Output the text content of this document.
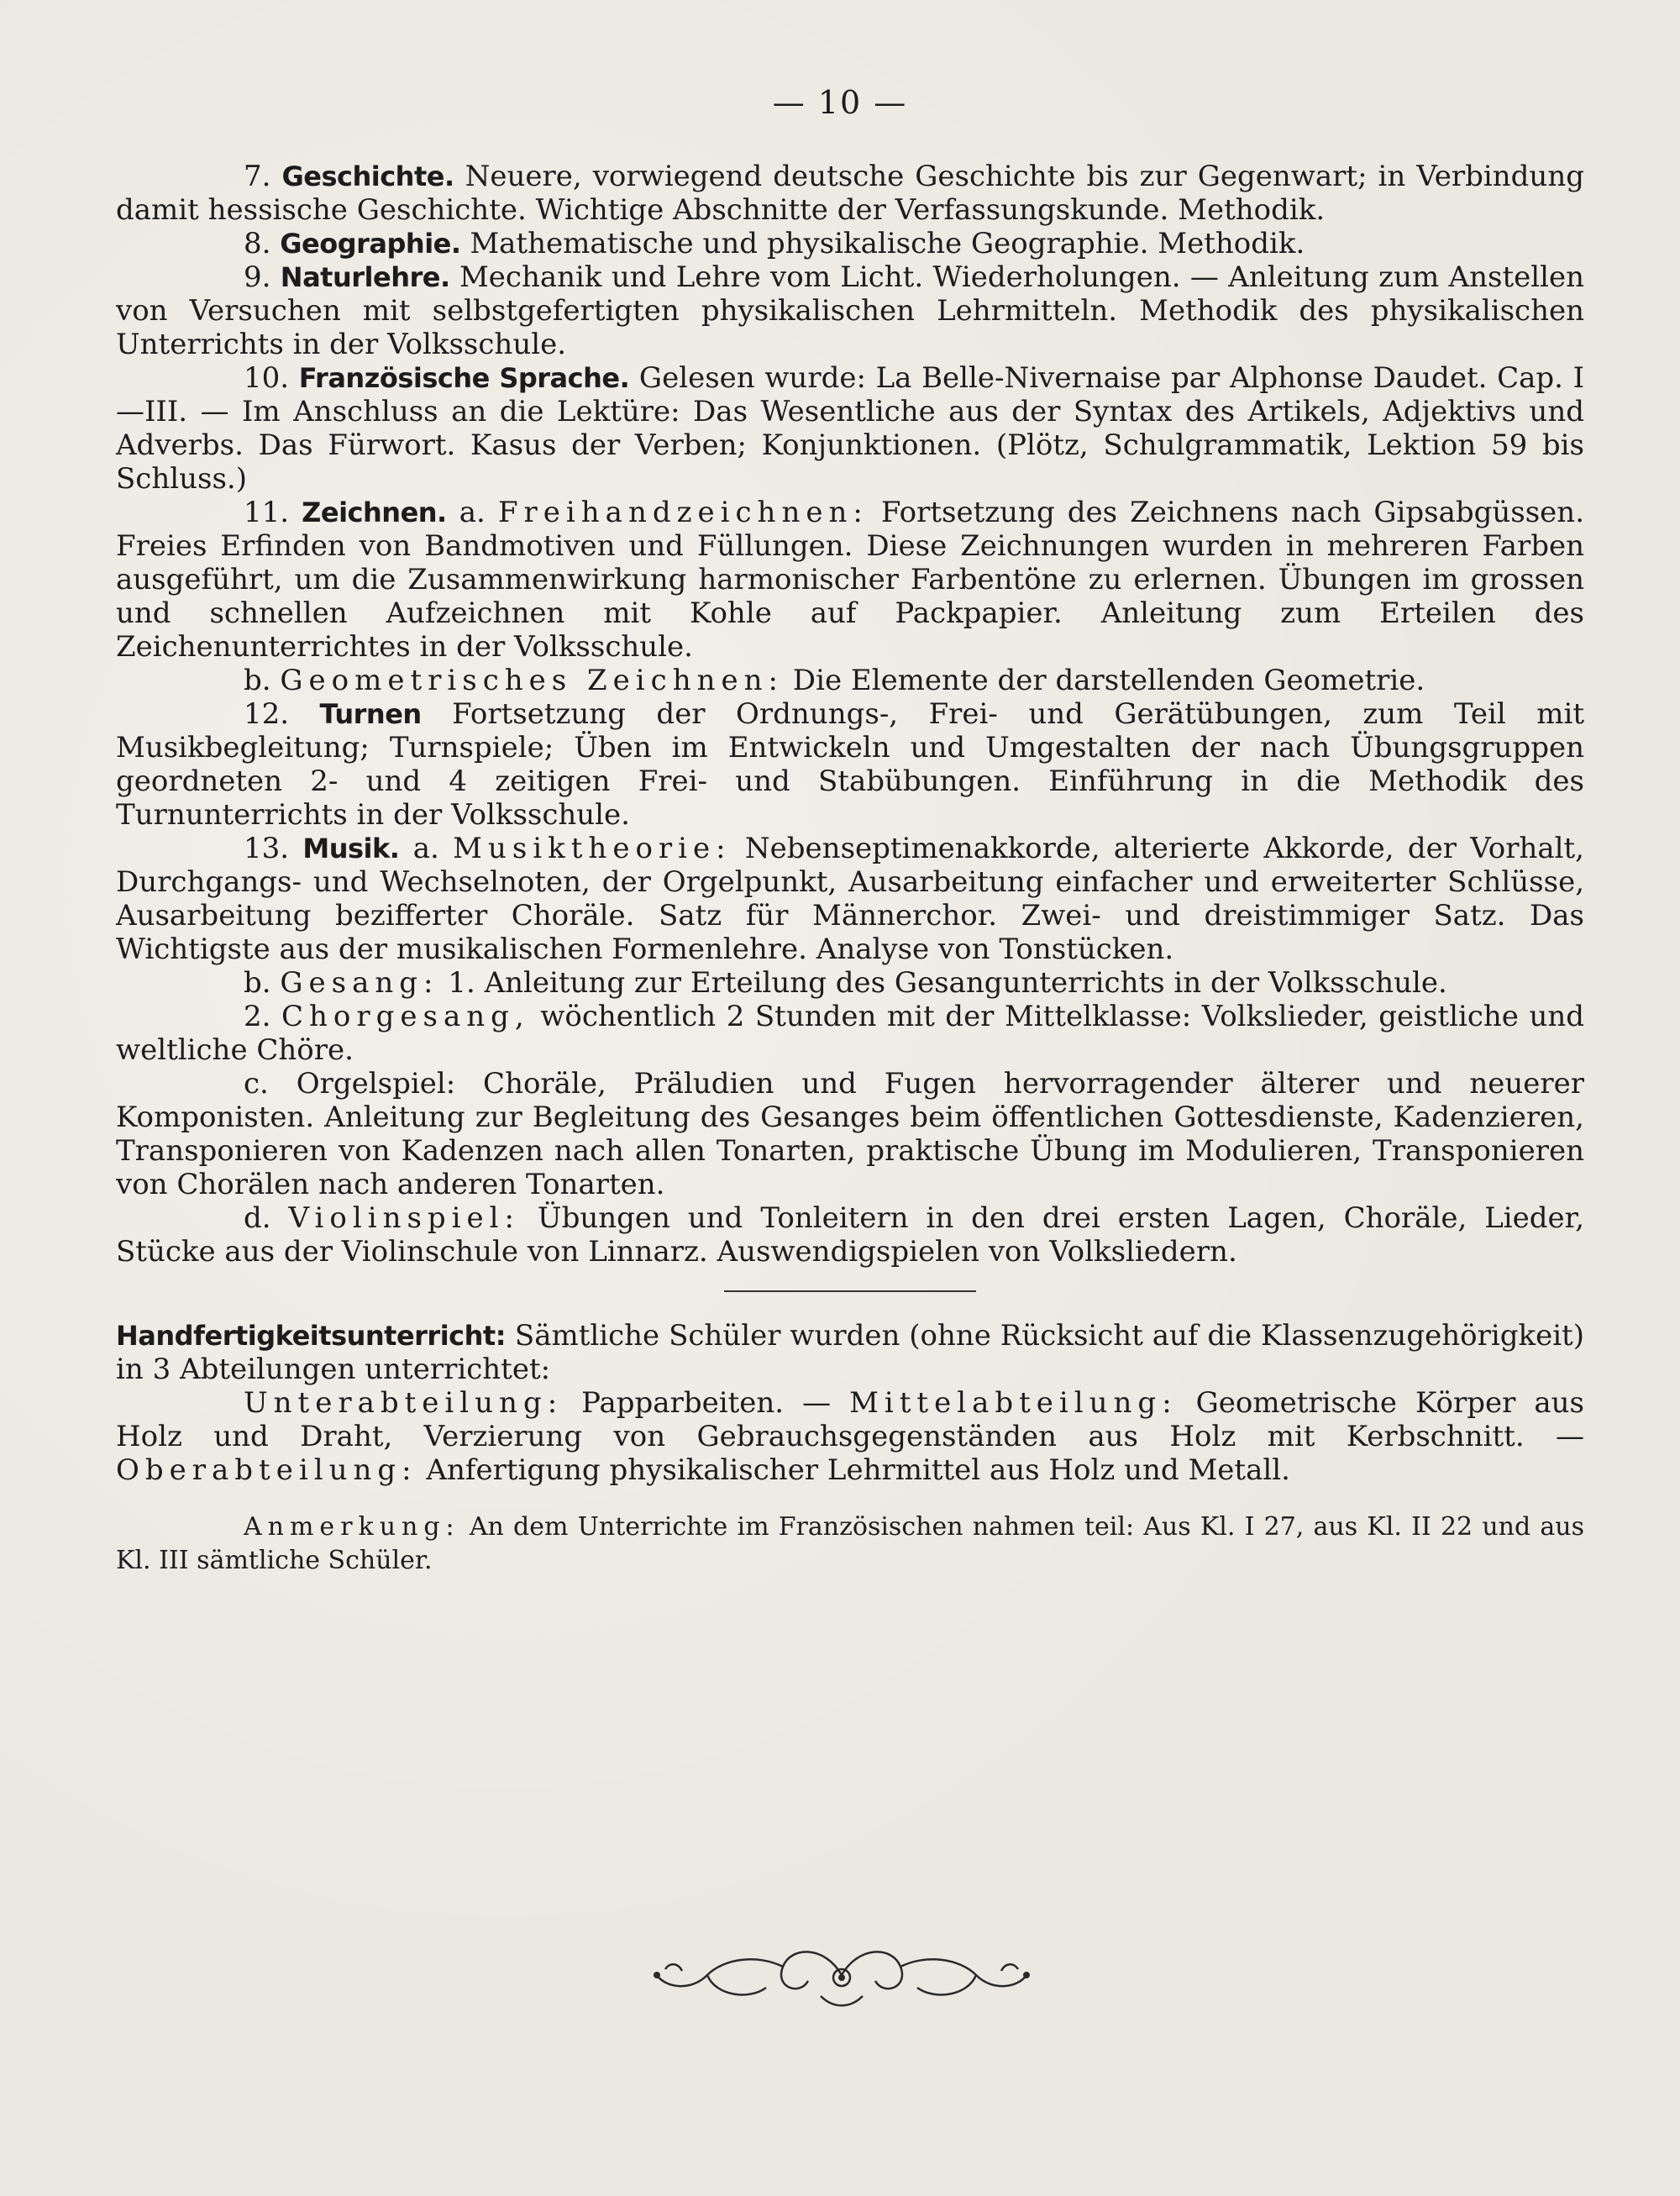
— 10 —

7. Geschichte. Neuere, vorwiegend deutsche Geschichte bis zur Gegenwart; in Verbindung damit hessische Geschichte. Wichtige Abschnitte der Verfassungskunde. Methodik.

8. Geographie. Mathematische und physikalische Geographie. Methodik.

9. Naturlehre. Mechanik und Lehre vom Licht. Wiederholungen. — Anleitung zum Anstellen von Versuchen mit selbstgefertigten physikalischen Lehrmitteln. Methodik des physikalischen Unterrichts in der Volksschule.

10. Französische Sprache. Gelesen wurde: La Belle-Nivernaise par Alphonse Daudet. Cap. I—III. — Im Anschluss an die Lektüre: Das Wesentliche aus der Syntax des Artikels, Adjektivs und Adverbs. Das Fürwort. Kasus der Verben; Konjunktionen. (Plötz, Schulgrammatik, Lektion 59 bis Schluss.)

11. Zeichnen. a. Freihandzeichnen: Fortsetzung des Zeichnens nach Gipsabgüssen. Freies Erfinden von Bandmotiven und Füllungen. Diese Zeichnungen wurden in mehreren Farben ausgeführt, um die Zusammenwirkung harmonischer Farbentöne zu erlernen. Übungen im grossen und schnellen Aufzeichnen mit Kohle auf Packpapier. Anleitung zum Erteilen des Zeichenunterrichtes in der Volksschule.

b. Geometrisches Zeichnen: Die Elemente der darstellenden Geometrie.

12. Turnen Fortsetzung der Ordnungs-, Frei- und Gerätübungen, zum Teil mit Musikbegleitung; Turnspiele; Üben im Entwickeln und Umgestalten der nach Übungsgruppen geordneten 2- und 4 zeitigen Frei- und Stabübungen. Einführung in die Methodik des Turnunterrichts in der Volksschule.

13. Musik. a. Musiktheorie: Nebenseptimenakkorde, alterierte Akkorde, der Vorhalt, Durchgangs- und Wechselnoten, der Orgelpunkt, Ausarbeitung einfacher und erweiterter Schlüsse, Ausarbeitung bezifferter Choräle. Satz für Männerchor. Zwei- und dreistimmiger Satz. Das Wichtigste aus der musikalischen Formenlehre. Analyse von Tonstücken.

b. Gesang: 1. Anleitung zur Erteilung des Gesangunterrichts in der Volksschule.

2. Chorgesang, wöchentlich 2 Stunden mit der Mittelklasse: Volkslieder, geistliche und weltliche Chöre.

c. Orgelspiel: Choräle, Präludien und Fugen hervorragender älterer und neuerer Komponisten. Anleitung zur Begleitung des Gesanges beim öffentlichen Gottesdienste, Kadenzieren, Transponieren von Kadenzen nach allen Tonarten, praktische Übung im Modulieren, Transponieren von Chorälen nach anderen Tonarten.

d. Violinspiel: Übungen und Tonleitern in den drei ersten Lagen, Choräle, Lieder, Stücke aus der Violinschule von Linnarz. Auswendigspielen von Volksliedern.

Handfertigkeitsunterricht: Sämtliche Schüler wurden (ohne Rücksicht auf die Klassenzugehörigkeit) in 3 Abteilungen unterrichtet:

Unterabteilung: Papparbeiten. — Mittelabteilung: Geometrische Körper aus Holz und Draht, Verzierung von Gebrauchsgegenständen aus Holz mit Kerbschnitt. — Oberabteilung: Anfertigung physikalischer Lehrmittel aus Holz und Metall.

Anmerkung: An dem Unterrichte im Französischen nahmen teil: Aus Kl. I 27, aus Kl. II 22 und aus Kl. III sämtliche Schüler.
